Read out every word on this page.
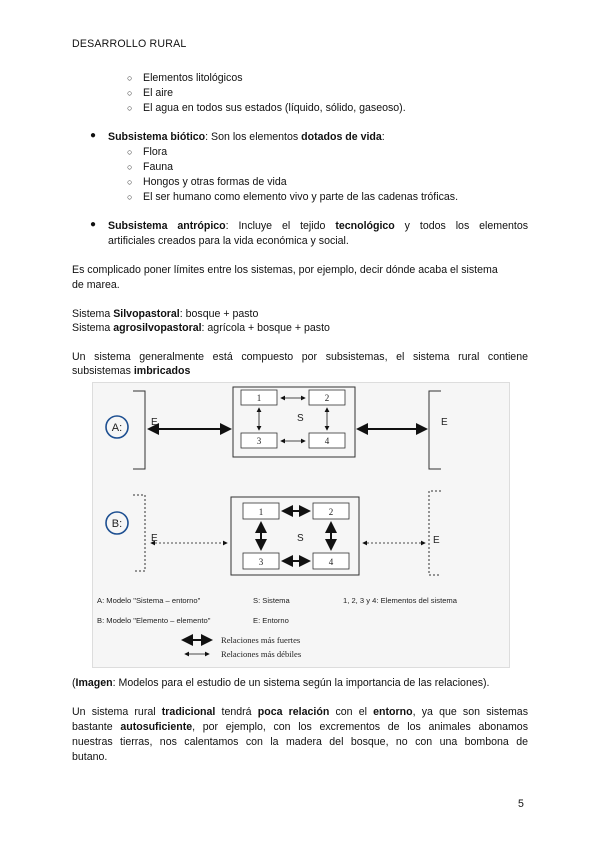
DESARROLLO RURAL
○ Elementos litológicos
○ El aire
○ El agua en todos sus estados (líquido, sólido, gaseoso).
● Subsistema biótico: Son los elementos dotados de vida:
○ Flora
○ Fauna
○ Hongos y otras formas de vida
○ El ser humano como elemento vivo y parte de las cadenas tróficas.
● Subsistema antrópico: Incluye el tejido tecnológico y todos los elementos
artificiales creados para la vida económica y social.
Es complicado poner límites entre los sistemas, por ejemplo, decir dónde acaba el sistema
de marea.
Sistema Silvopastoral: bosque + pasto
Sistema agrosilvopastoral: agrícola + bosque + pasto
Un sistema generalmente está compuesto por subsistemas, el sistema rural contiene
subsistemas imbricados
A:	E	E
S
1	2
3	4
B:
E	E
S
1	2
3	4
A: Modelo "Sistema – entorno"	S: Sistema	1, 2, 3 y 4: Elementos del sistema
B: Modelo "Elemento – elemento"	E: Entorno
Relaciones más fuertes
Relaciones más débiles
(Imagen: Modelos para el estudio de un sistema según la importancia de las relaciones).
Un sistema rural tradicional tendrá poca relación con el entorno, ya que son sistemas
bastante autosuficiente, por ejemplo, con los excrementos de los animales abonamos
nuestras tierras, nos calentamos con la madera del bosque, no con una bombona de
butano.
5
